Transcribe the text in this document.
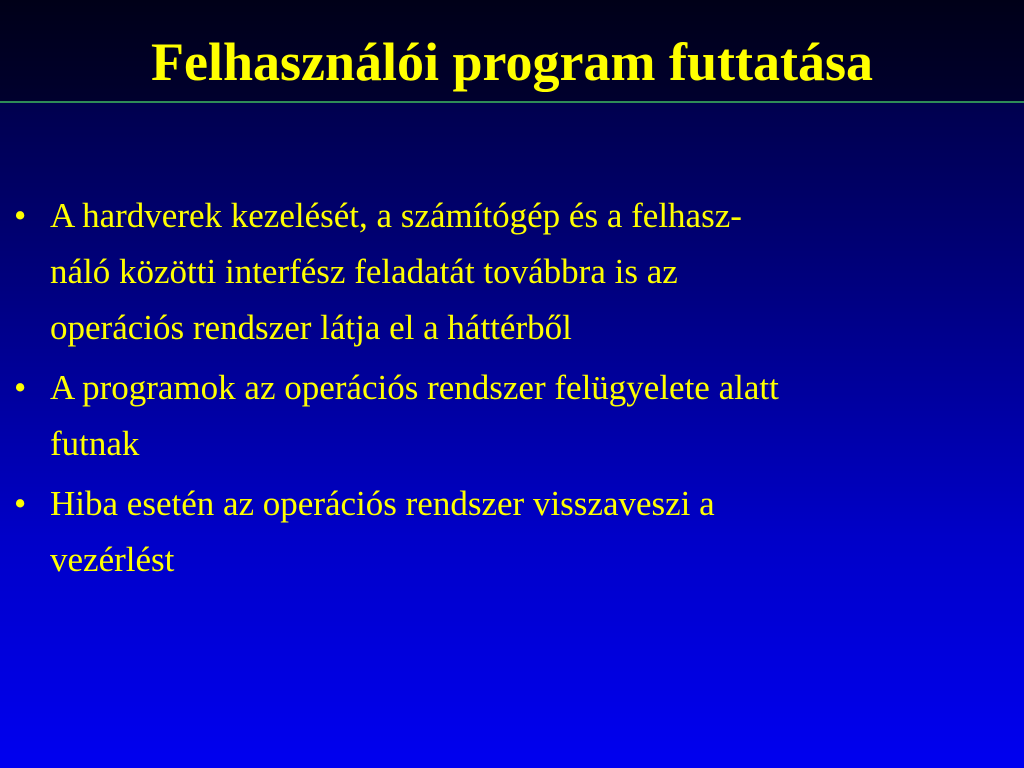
Felhasználói program futtatása
• A hardverek kezelését, a számítógép és a felhasz-
náló közötti interfész feladatát továbbra is az
operációs rendszer látja el a háttérből
• A programok az operációs rendszer felügyelete alatt
futnak
• Hiba esetén az operációs rendszer visszaveszi a
vezérlést
